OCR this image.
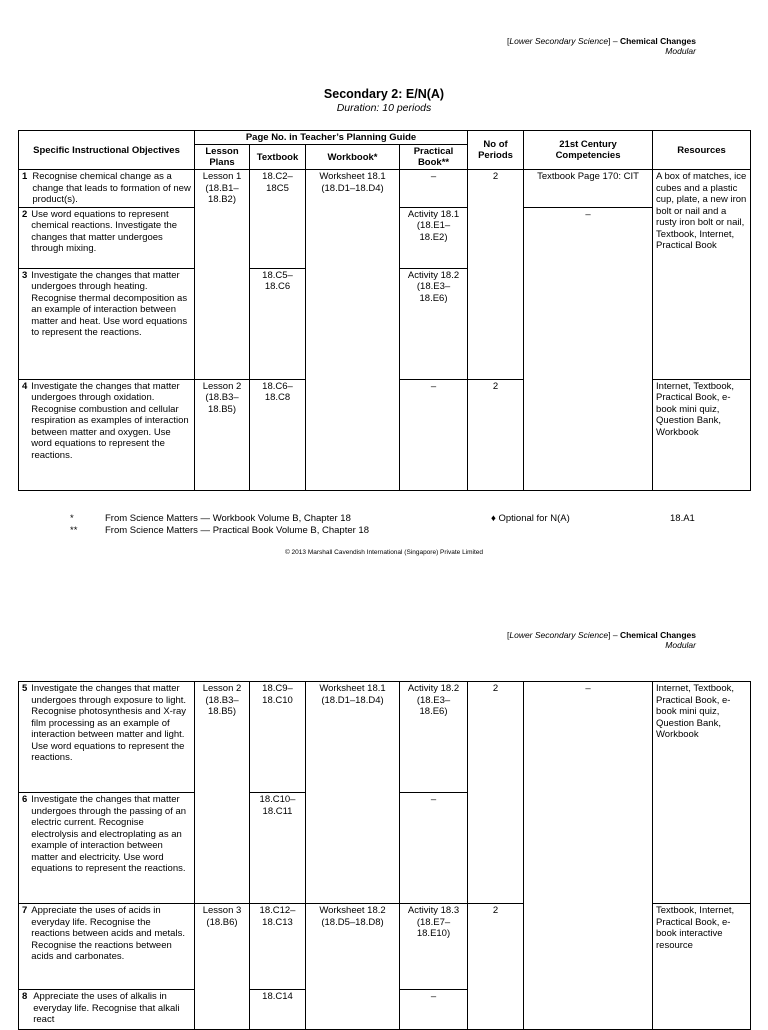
[Lower Secondary Science] – Chemical Changes
Modular
Secondary 2: E/N(A)
Duration: 10 periods
Specific Instructional Objectives	Page No. in Teacher’s Planning Guide				No of Periods	21st Century Competencies	Resources
	Lesson Plans	Textbook	Workbook*	Practical Book**			

1 Recognise chemical change as a change that leads to formation of new product(s).	Lesson 1 (18.B1–18.B2)	18.C2–18C5	Worksheet 18.1 (18.D1–18.D4)	–	2	Textbook Page 170: CIT	A box of matches, ice cubes and a plastic cup, plate, a new iron bolt or nail and a rusty iron bolt or nail, Textbook, Internet, Practical Book

2 Use word equations to represent chemical reactions. Investigate the changes that matter undergoes through mixing.				Activity 18.1 (18.E1–18.E2)		–	

3 Investigate the changes that matter undergoes through heating. Recognise thermal decomposition as an example of interaction between matter and heat. Use word equations to represent the reactions.		18.C5–18.C6		Activity 18.2 (18.E3–18.E6)			

4 Investigate the changes that matter undergoes through oxidation. Recognise combustion and cellular respiration as examples of interaction between matter and oxygen. Use word equations to represent the reactions.	Lesson 2 (18.B3–18.B5)	18.C6–18.C8		–	2		Internet, Textbook, Practical Book, e-book mini quiz, Question Bank, Workbook
*	From Science Matters — Workbook Volume B, Chapter 18
**	From Science Matters — Practical Book Volume B, Chapter 18
♦ Optional for N(A)	18.A1
© 2013 Marshall Cavendish International (Singapore) Private Limited
[Lower Secondary Science] – Chemical Changes
Modular
5 Investigate the changes that matter undergoes through exposure to light. Recognise photosynthesis and X-ray film processing as an example of interaction between matter and light. Use word equations to represent the reactions.	Lesson 2 (18.B3–18.B5)	18.C9–18.C10	Worksheet 18.1 (18.D1–18.D4)	Activity 18.2 (18.E3–18.E6)	2	–	Internet, Textbook, Practical Book, e-book mini quiz, Question Bank, Workbook

6 Investigate the changes that matter undergoes through the passing of an electric current. Recognise electrolysis and electroplating as an example of interaction between matter and electricity. Use word equations to represent the reactions.		18.C10–18.C11		–			

7 Appreciate the uses of acids in everyday life. Recognise the reactions between acids and metals. Recognise the reactions between acids and carbonates.	Lesson 3 (18.B6)	18.C12–18.C13	Worksheet 18.2 (18.D5–18.D8)	Activity 18.3 (18.E7–18.E10)	2		Textbook, Internet, Practical Book, e-book interactive resource

8 Appreciate the uses of alkalis in everyday life. Recognise that alkali react		18.C14		–			
